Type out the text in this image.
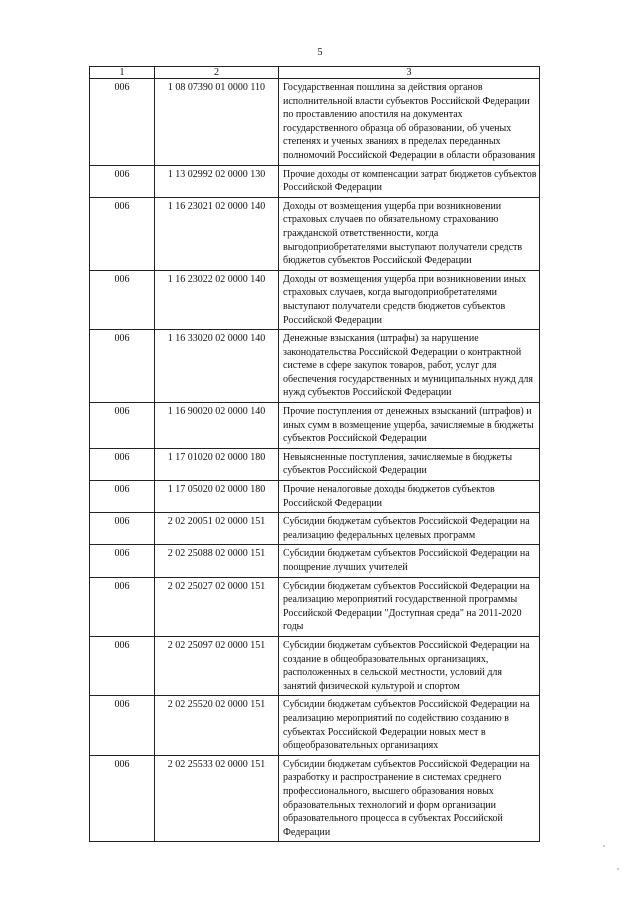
5
1	2	3
006	1 08 07390 01 0000 110	Государственная пошлина за действия органов исполнительной власти субъектов Российской Федерации по проставлению апостиля на документах государственного образца об образовании, об ученых степенях и ученых званиях в пределах переданных полномочий Российской Федерации в области образования
006	1 13 02992 02 0000 130	Прочие доходы от компенсации затрат бюджетов субъектов Российской Федерации
006	1 16 23021 02 0000 140	Доходы от возмещения ущерба при возникновении страховых случаев по обязательному страхованию гражданской ответственности, когда выгодоприобретателями выступают получатели средств бюджетов субъектов Российской Федерации
006	1 16 23022 02 0000 140	Доходы от возмещения ущерба при возникновении иных страховых случаев, когда выгодоприобретателями выступают получатели средств бюджетов субъектов Российской Федерации
006	1 16 33020 02 0000 140	Денежные взыскания (штрафы) за нарушение законодательства Российской Федерации о контрактной системе в сфере закупок товаров, работ, услуг для обеспечения государственных и муниципальных нужд для нужд субъектов Российской Федерации
006	1 16 90020 02 0000 140	Прочие поступления от денежных взысканий (штрафов) и иных сумм в возмещение ущерба, зачисляемые в бюджеты субъектов Российской Федерации
006	1 17 01020 02 0000 180	Невыясненные поступления, зачисляемые в бюджеты субъектов Российской Федерации
006	1 17 05020 02 0000 180	Прочие неналоговые доходы бюджетов субъектов Российской Федерации
006	2 02 20051 02 0000 151	Субсидии бюджетам субъектов Российской Федерации на реализацию федеральных целевых программ
006	2 02 25088 02 0000 151	Субсидии бюджетам субъектов Российской Федерации на поощрение лучших учителей
006	2 02 25027 02 0000 151	Субсидии бюджетам субъектов Российской Федерации на реализацию мероприятий государственной программы Российской Федерации "Доступная среда" на 2011-2020 годы
006	2 02 25097 02 0000 151	Субсидии бюджетам субъектов Российской Федерации на создание в общеобразовательных организациях, расположенных в сельской местности, условий для занятий физической культурой и спортом
006	2 02 25520 02 0000 151	Субсидии бюджетам субъектов Российской Федерации на реализацию мероприятий по содействию созданию в субъектах Российской Федерации новых мест в общеобразовательных организациях
006	2 02 25533 02 0000 151	Субсидии бюджетам субъектов Российской Федерации на разработку и распространение в системах среднего профессионального, высшего образования новых образовательных технологий и форм организации образовательного процесса в субъектах Российской Федерации
